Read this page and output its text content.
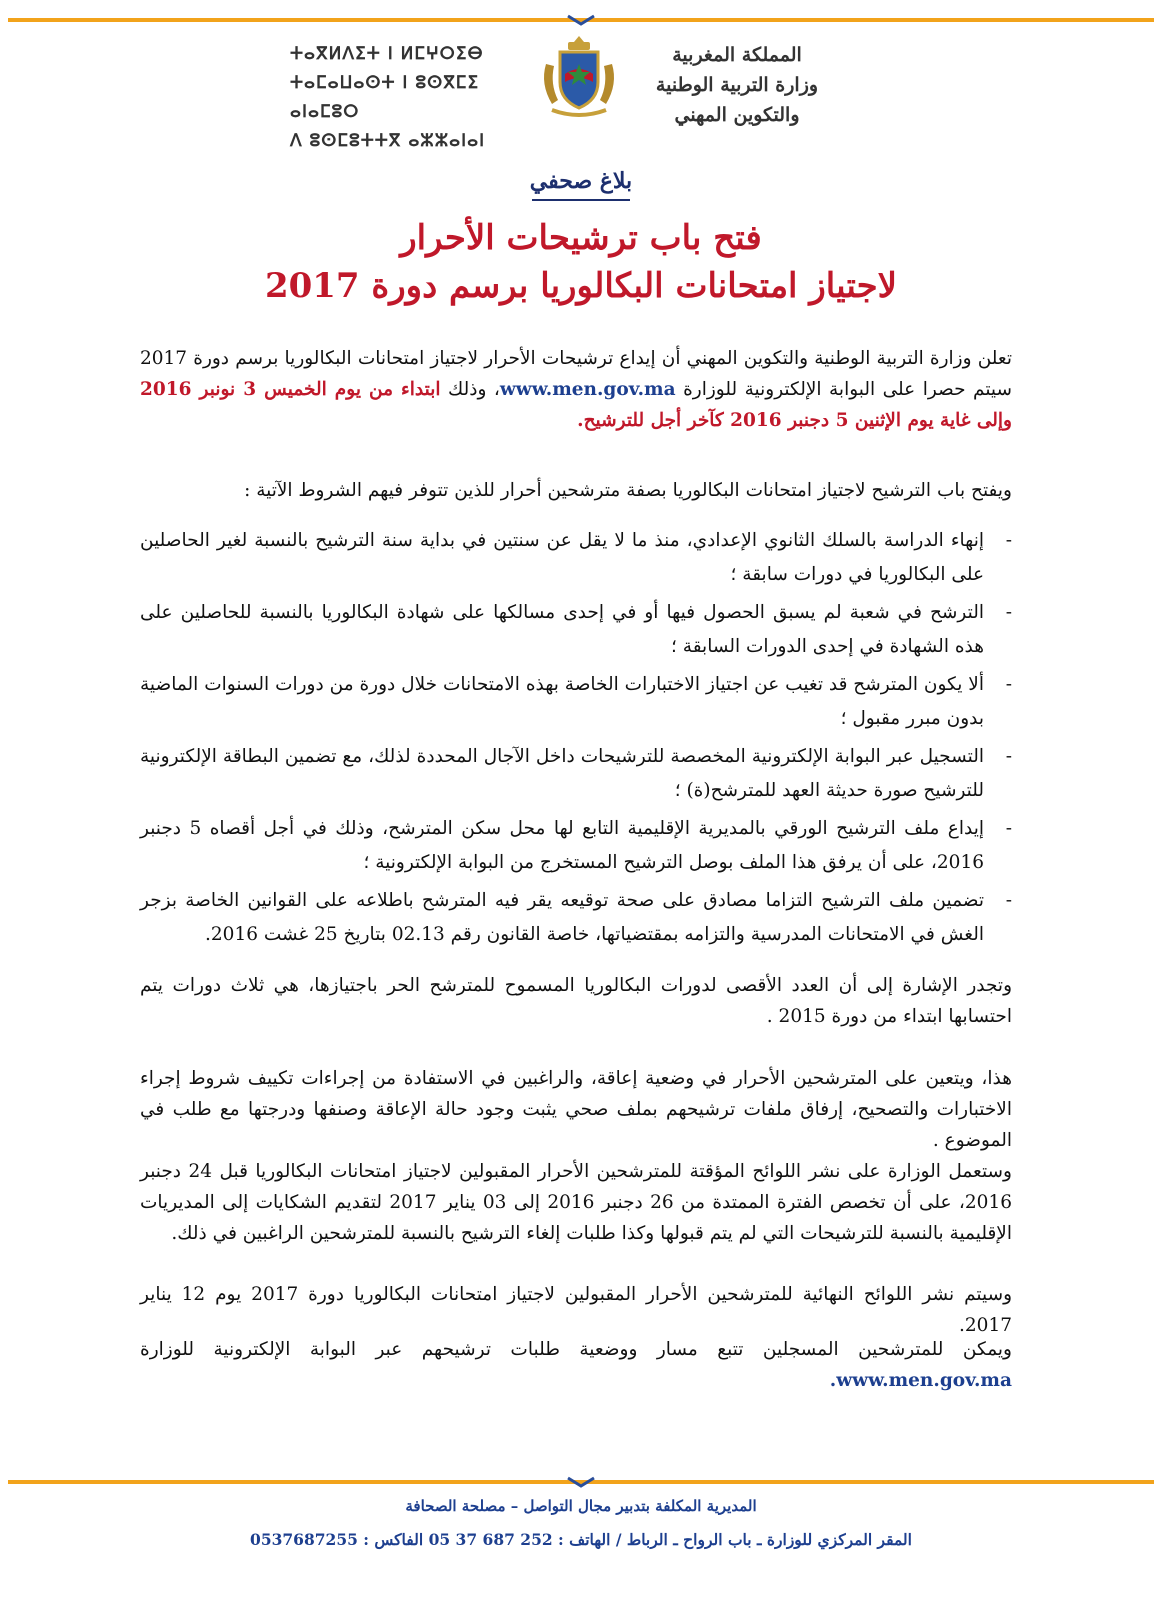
المملكة المغربية
وزارة التربية الوطنية
والتكوين المهني
ⵜⴰⴳⵍⴷⵉⵜ ⵏ ⵍⵎⵖⵔⵉⴱ
ⵜⴰⵎⴰⵡⴰⵙⵜ ⵏ ⵓⵙⴳⵎⵉ ⴰⵏⴰⵎⵓⵔ
ⴷ ⵓⵙⵎⵓⵜⵜⴳ ⴰⵣⵣⴰⵏⴰⵏ
بلاغ صحفي
فتح باب ترشيحات الأحرار
لاجتياز امتحانات البكالوريا برسم دورة 2017
تعلن وزارة التربية الوطنية والتكوين المهني أن إيداع ترشيحات الأحرار لاجتياز امتحانات البكالوريا برسم دورة 2017 سيتم حصرا على البوابة الإلكترونية للوزارة www.men.gov.ma، وذلك ابتداء من يوم الخميس 3 نونبر 2016 وإلى غاية يوم الإثنين 5 دجنبر 2016 كآخر أجل للترشيح.
ويفتح باب الترشيح لاجتياز امتحانات البكالوريا بصفة مترشحين أحرار للذين تتوفر فيهم الشروط الآتية :
-
إنهاء الدراسة بالسلك الثانوي الإعدادي، منذ ما لا يقل عن سنتين في بداية سنة الترشيح بالنسبة لغير الحاصلين على البكالوريا في دورات سابقة ؛
-
الترشح في شعبة لم يسبق الحصول فيها أو في إحدى مسالكها على شهادة البكالوريا بالنسبة للحاصلين على هذه الشهادة في إحدى الدورات السابقة ؛
-
ألا يكون المترشح قد تغيب عن اجتياز الاختبارات الخاصة بهذه الامتحانات خلال دورة من دورات السنوات الماضية بدون مبرر مقبول ؛
-
التسجيل عبر البوابة الإلكترونية المخصصة للترشيحات داخل الآجال المحددة لذلك، مع تضمين البطاقة الإلكترونية للترشيح صورة حديثة العهد للمترشح(ة) ؛
-
إيداع ملف الترشيح الورقي بالمديرية الإقليمية التابع لها محل سكن المترشح، وذلك في أجل أقصاه 5 دجنبر 2016، على أن يرفق هذا الملف بوصل الترشيح المستخرج من البوابة الإلكترونية ؛
-
تضمين ملف الترشيح التزاما مصادق على صحة توقيعه يقر فيه المترشح باطلاعه على القوانين الخاصة بزجر الغش في الامتحانات المدرسية والتزامه بمقتضياتها، خاصة القانون رقم 02.13 بتاريخ 25 غشت 2016.
وتجدر الإشارة إلى أن العدد الأقصى لدورات البكالوريا المسموح للمترشح الحر باجتيازها، هي ثلاث دورات يتم احتسابها ابتداء من دورة 2015 .
هذا، ويتعين على المترشحين الأحرار في وضعية إعاقة، والراغبين في الاستفادة من إجراءات تكييف شروط إجراء الاختبارات والتصحيح، إرفاق ملفات ترشيحهم بملف صحي يثبت وجود حالة الإعاقة وصنفها ودرجتها مع طلب في الموضوع .
وستعمل الوزارة على نشر اللوائح المؤقتة للمترشحين الأحرار المقبولين لاجتياز امتحانات البكالوريا قبل 24 دجنبر 2016، على أن تخصص الفترة الممتدة من 26 دجنبر 2016 إلى 03 يناير 2017 لتقديم الشكايات إلى المديريات الإقليمية بالنسبة للترشيحات التي لم يتم قبولها وكذا طلبات إلغاء الترشيح بالنسبة للمترشحين الراغبين في ذلك.
وسيتم نشر اللوائح النهائية للمترشحين الأحرار المقبولين لاجتياز امتحانات البكالوريا دورة 2017 يوم 12 يناير 2017.
ويمكن للمترشحين المسجلين تتبع مسار ووضعية طلبات ترشيحهم عبر البوابة الإلكترونية للوزارة www.men.gov.ma.
المديرية المكلفة بتدبير مجال التواصل – مصلحة الصحافة
المقر المركزي للوزارة ـ باب الرواح ـ الرباط / الهاتف : 252 687 37 05 الفاكس : 0537687255
